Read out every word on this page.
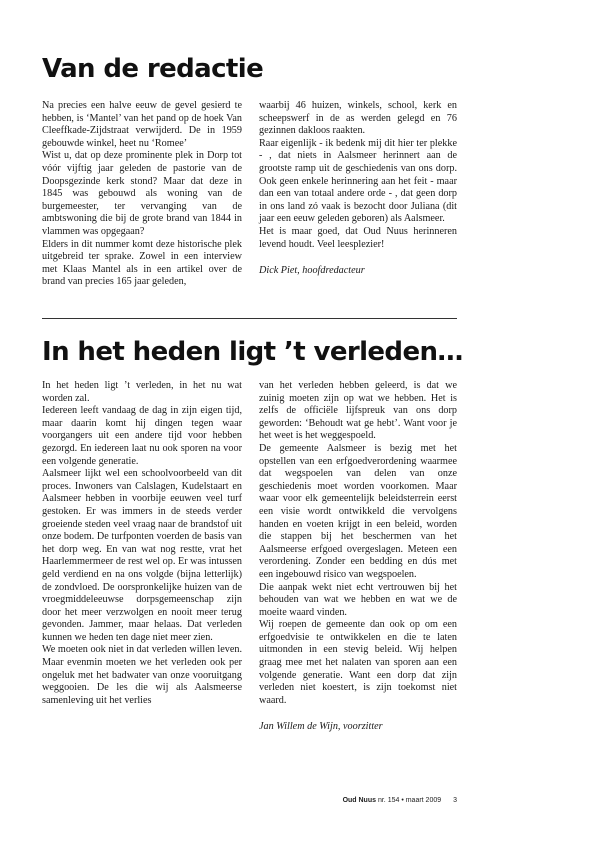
Van de redactie

Na precies een halve eeuw de gevel gesierd te hebben, is ‘Mantel’ van het pand op de hoek Van Cleeffkade-Zijdstraat verwijderd. De in 1959 gebouwde winkel, heet nu ‘Romee’

Wist u, dat op deze prominente plek in Dorp tot vóór vijftig jaar geleden de pastorie van de Doopsgezinde kerk stond? Maar dat deze in 1845 was gebouwd als woning van de burgemeester, ter vervanging van de ambtswoning die bij de grote brand van 1844 in vlammen was opgegaan?

Elders in dit nummer komt deze historische plek uitgebreid ter sprake. Zowel in een interview met Klaas Mantel als in een artikel over de brand van precies 165 jaar geleden,

waarbij 46 huizen, winkels, school, kerk en scheepswerf in de as werden gelegd en 76 gezinnen dakloos raakten.

Raar eigenlijk - ik bedenk mij dit hier ter plekke - , dat niets in Aalsmeer herinnert aan de grootste ramp uit de geschiedenis van ons dorp. Ook geen enkele herinnering aan het feit - maar dan een van totaal andere orde - , dat geen dorp in ons land zó vaak is bezocht door Juliana (dit jaar een eeuw geleden geboren) als Aalsmeer.

Het is maar goed, dat Oud Nuus herinneren levend houdt. Veel leesplezier!

Dick Piet, hoofdredacteur

In het heden ligt ’t verleden…

In het heden ligt ’t verleden, in het nu wat worden zal.

Iedereen leeft vandaag de dag in zijn eigen tijd, maar daarin komt hij dingen tegen waar voorgangers uit een andere tijd voor hebben gezorgd. En iedereen laat nu ook sporen na voor een volgende generatie.

Aalsmeer lijkt wel een schoolvoorbeeld van dit proces. Inwoners van Calslagen, Kudelstaart en Aalsmeer hebben in voorbije eeuwen veel turf gestoken. Er was immers in de steeds verder groeiende steden veel vraag naar de brandstof uit onze bodem. De turfponten voerden de basis van het dorp weg. En van wat nog restte, vrat het Haarlemmermeer de rest wel op. Er was intussen geld verdiend en na ons volgde (bijna letterlijk) de zondvloed. De oorspronkelijke huizen van de vroegmiddeleeuwse dorpsgemeenschap zijn door het meer verzwolgen en nooit meer terug gevonden. Jammer, maar helaas. Dat verleden kunnen we heden ten dage niet meer zien.

We moeten ook niet in dat verleden willen leven. Maar evenmin moeten we het verleden ook per ongeluk met het badwater van onze vooruitgang weggooien. De les die wij als Aalsmeerse samenleving uit het verlies

van het verleden hebben geleerd, is dat we zuinig moeten zijn op wat we hebben. Het is zelfs de officiële lijfspreuk van ons dorp geworden: ‘Behoudt wat ge hebt’. Want voor je het weet is het weggespoeld.

De gemeente Aalsmeer is bezig met het opstellen van een erfgoedverordening waarmee dat wegspoelen van delen van onze geschiedenis moet worden voorkomen. Maar waar voor elk gemeentelijk beleidsterrein eerst een visie wordt ontwikkeld die vervolgens handen en voeten krijgt in een beleid, worden die stappen bij het beschermen van het Aalsmeerse erfgoed overgeslagen. Meteen een verordening. Zonder een bedding en dús met een ingebouwd risico van wegspoelen.

Die aanpak wekt niet echt vertrouwen bij het behouden van wat we hebben en wat we de moeite waard vinden.

Wij roepen de gemeente dan ook op om een erfgoedvisie te ontwikkelen en die te laten uitmonden in een stevig beleid. Wij helpen graag mee met het nalaten van sporen aan een volgende generatie. Want een dorp dat zijn verleden niet koestert, is zijn toekomst niet waard.

Jan Willem de Wijn, voorzitter

Oud Nuus nr. 154 • maart 2009 3
